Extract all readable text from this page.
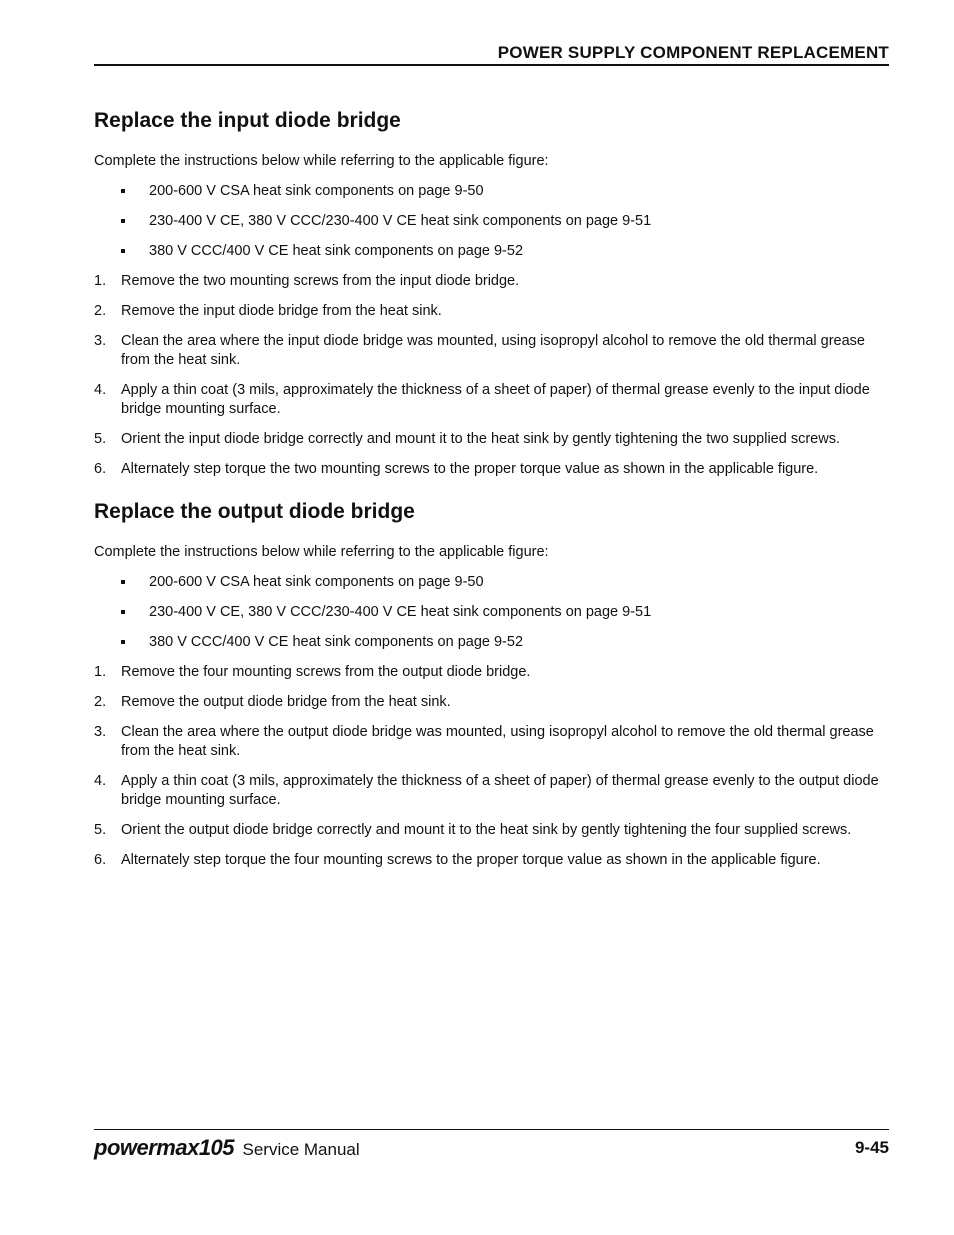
POWER SUPPLY COMPONENT REPLACEMENT
Replace the input diode bridge

Complete the instructions below while referring to the applicable figure:

200-600 V CSA heat sink components on page 9-50
230-400 V CE, 380 V CCC/230-400 V CE heat sink components on page 9-51
380 V CCC/400 V CE heat sink components on page 9-52
1. Remove the two mounting screws from the input diode bridge.
2. Remove the input diode bridge from the heat sink.
3. Clean the area where the input diode bridge was mounted, using isopropyl alcohol to remove the old thermal grease from the heat sink.
4. Apply a thin coat (3 mils, approximately the thickness of a sheet of paper) of thermal grease evenly to the input diode bridge mounting surface.
5. Orient the input diode bridge correctly and mount it to the heat sink by gently tightening the two supplied screws.
6. Alternately step torque the two mounting screws to the proper torque value as shown in the applicable figure.
Replace the output diode bridge

Complete the instructions below while referring to the applicable figure:

200-600 V CSA heat sink components on page 9-50
230-400 V CE, 380 V CCC/230-400 V CE heat sink components on page 9-51
380 V CCC/400 V CE heat sink components on page 9-52
1. Remove the four mounting screws from the output diode bridge.
2. Remove the output diode bridge from the heat sink.
3. Clean the area where the output diode bridge was mounted, using isopropyl alcohol to remove the old thermal grease from the heat sink.
4. Apply a thin coat (3 mils, approximately the thickness of a sheet of paper) of thermal grease evenly to the output diode bridge mounting surface.
5. Orient the output diode bridge correctly and mount it to the heat sink by gently tightening the four supplied screws.
6. Alternately step torque the four mounting screws to the proper torque value as shown in the applicable figure.
powermax105 Service Manual	9-45
